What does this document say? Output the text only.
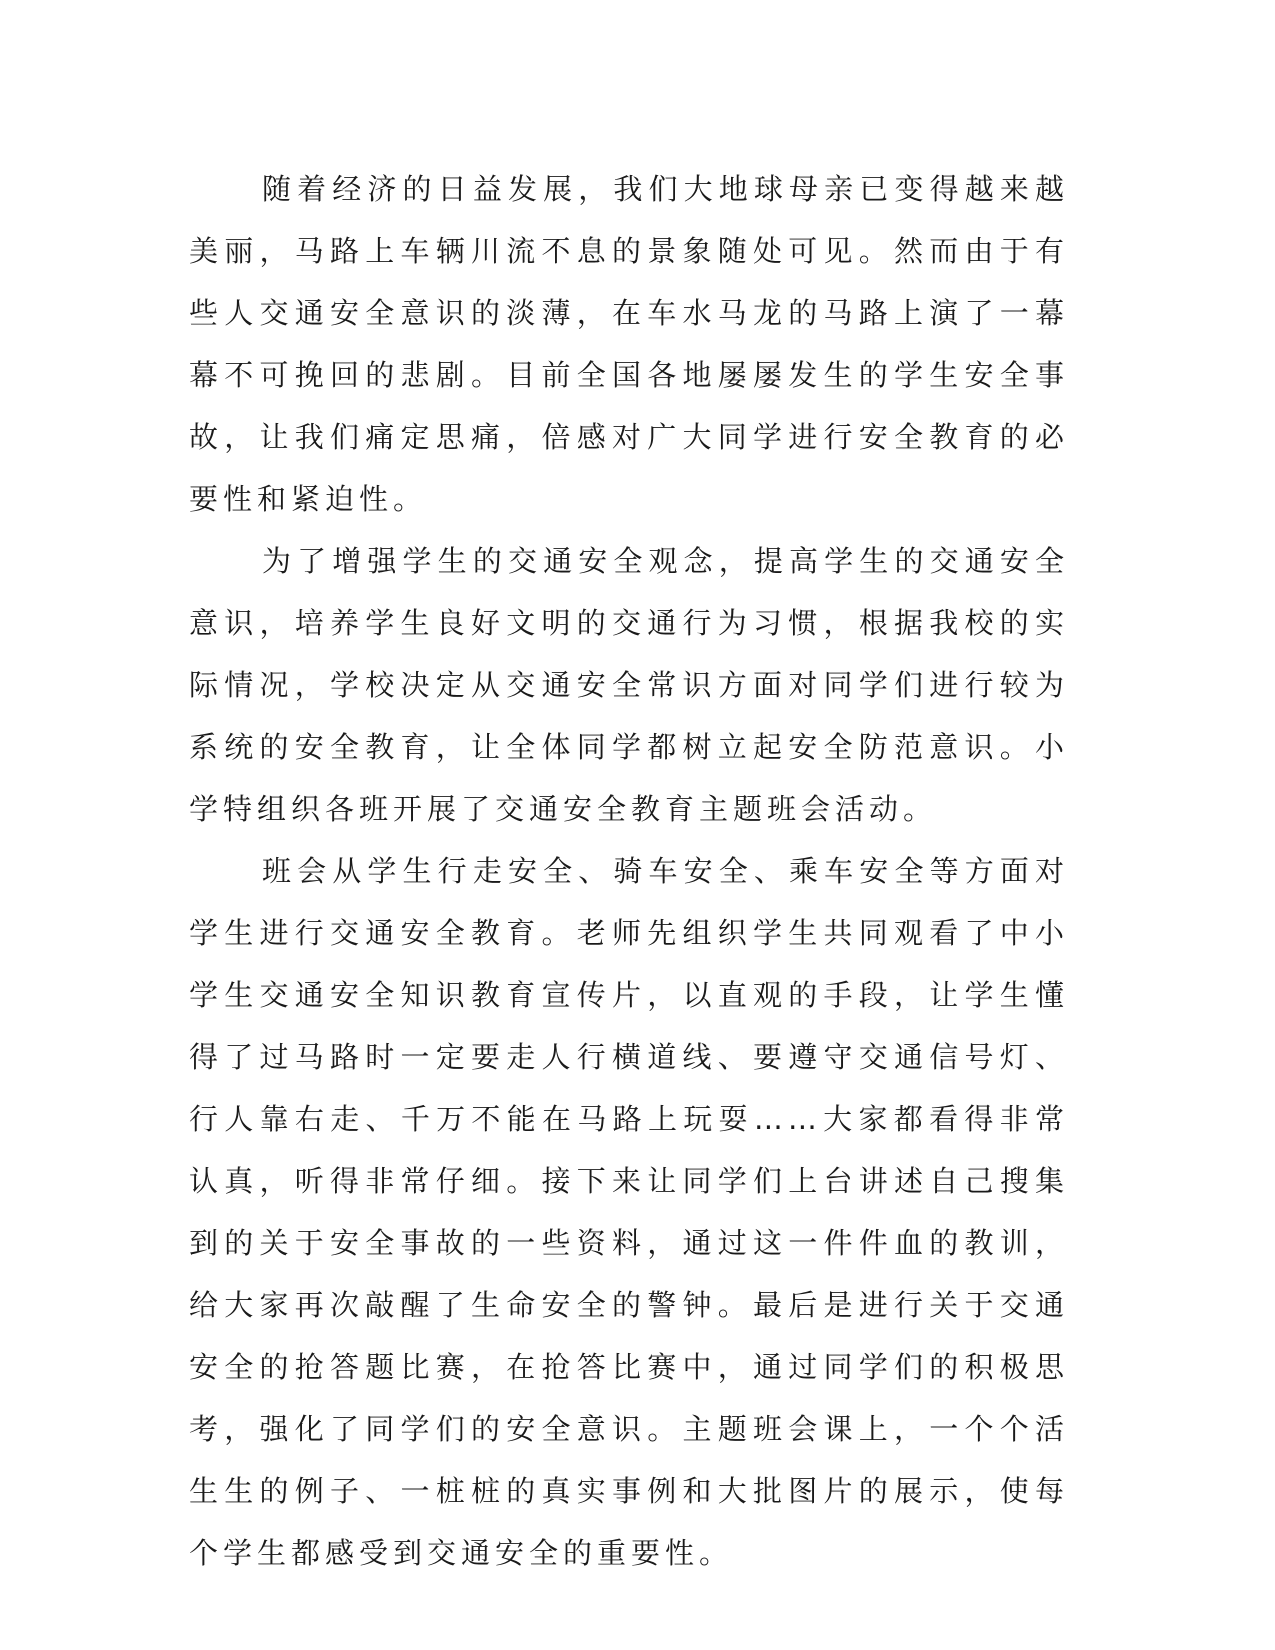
随着经济的日益发展，我们大地球母亲已变得越来越美丽，马路上车辆川流不息的景象随处可见。然而由于有些人交通安全意识的淡薄，在车水马龙的马路上演了一幕幕不可挽回的悲剧。目前全国各地屡屡发生的学生安全事故，让我们痛定思痛，倍感对广大同学进行安全教育的必要性和紧迫性。

为了增强学生的交通安全观念，提高学生的交通安全意识，培养学生良好文明的交通行为习惯，根据我校的实际情况，学校决定从交通安全常识方面对同学们进行较为系统的安全教育，让全体同学都树立起安全防范意识。小学特组织各班开展了交通安全教育主题班会活动。

班会从学生行走安全、骑车安全、乘车安全等方面对学生进行交通安全教育。老师先组织学生共同观看了中小学生交通安全知识教育宣传片，以直观的手段，让学生懂得了过马路时一定要走人行横道线、要遵守交通信号灯、行人靠右走、千万不能在马路上玩耍……大家都看得非常认真，听得非常仔细。接下来让同学们上台讲述自己搜集到的关于安全事故的一些资料，通过这一件件血的教训，给大家再次敲醒了生命安全的警钟。最后是进行关于交通安全的抢答题比赛，在抢答比赛中，通过同学们的积极思考，强化了同学们的安全意识。主题班会课上，一个个活生生的例子、一桩桩的真实事例和大批图片的展示，使每个学生都感受到交通安全的重要性。
